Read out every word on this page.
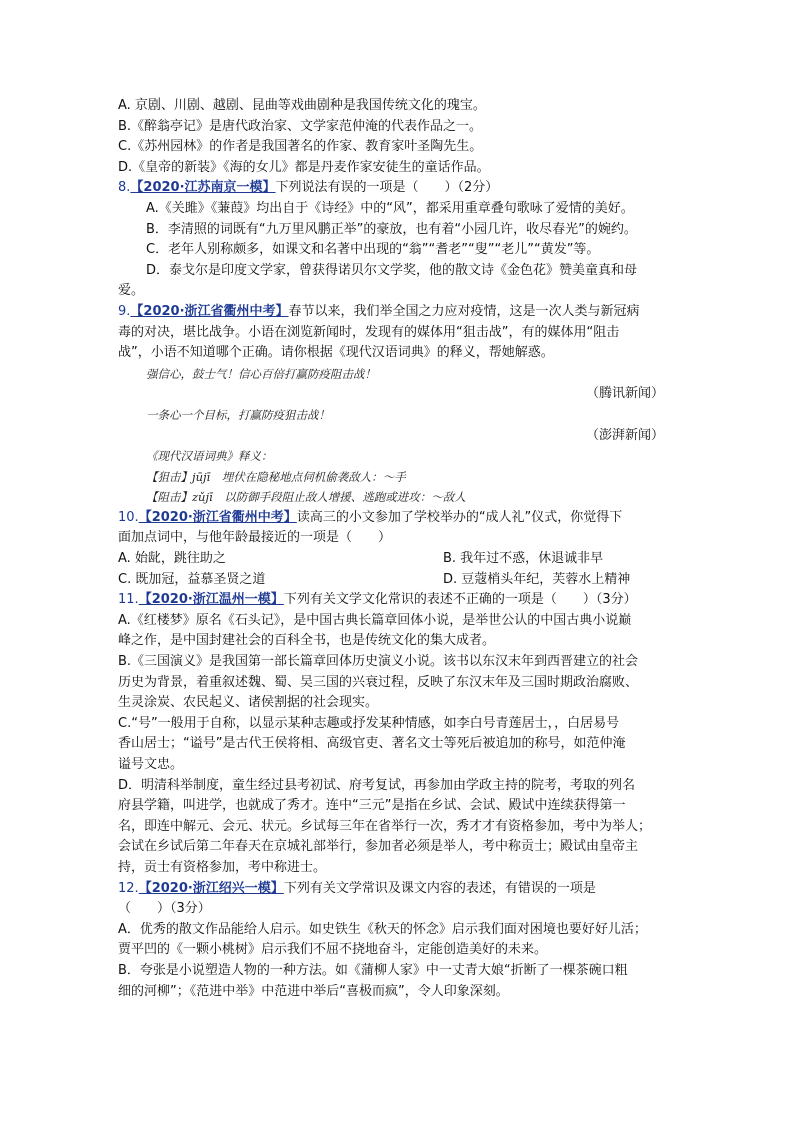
A. 京剧、川剧、越剧、昆曲等戏曲剧种是我国传统文化的瑰宝。
B.《醉翁亭记》是唐代政治家、文学家范仲淹的代表作品之一。
C.《苏州园林》的作者是我国著名的作家、教育家叶圣陶先生。
D.《皇帝的新装》《海的女儿》都是丹麦作家安徒生的童话作品。
8.【2020·江苏南京一模】下列说法有误的一项是（　　）（2分）
A.《关雎》《蒹葭》均出自于《诗经》中的“风”，都采用重章叠句歌咏了爱情的美好。
B．李清照的词既有“九万里风鹏正举”的豪放，也有着“小园几许，收尽春光”的婉约。
C．老年人别称颇多，如课文和名著中出现的“翁”“耆老”“叟”“老儿”“黄发”等。
D．泰戈尔是印度文学家，曾获得诺贝尔文学奖，他的散文诗《金色花》赞美童真和母
爱。
9.【2020·浙江省衢州中考】春节以来，我们举全国之力应对疫情，这是一次人类与新冠病
毒的对决，堪比战争。小语在浏览新闻时，发现有的媒体用“狙击战”，有的媒体用“阻击
战”，小语不知道哪个正确。请你根据《现代汉语词典》的释义，帮她解惑。
强信心，鼓士气！信心百倍打赢防疫阻击战！
（腾讯新闻）
一条心一个目标，打赢防疫狙击战！
（澎湃新闻）
《现代汉语词典》释义：
【狙击】jūjī　埋伏在隐秘地点伺机偷袭敌人：～手
【阻击】zǔjī　以防御手段阻止敌人增援、逃跑或进攻：～敌人
10.【2020·浙江省衢州中考】读高三的小文参加了学校举办的“成人礼”仪式，你觉得下
面加点词中，与他年龄最接近的一项是（　　）
A. 始龀，跳往助之	B. 我年过不惑，休退诚非早
C. 既加冠，益慕圣贤之道	D. 豆蔻梢头年纪，芙蓉水上精神
11.【2020·浙江温州一模】下列有关文学文化常识的表述不正确的一项是（　　）（3分）
A.《红楼梦》原名《石头记》，是中国古典长篇章回体小说，是举世公认的中国古典小说巅
峰之作，是中国封建社会的百科全书，也是传统文化的集大成者。
B.《三国演义》是我国第一部长篇章回体历史演义小说。该书以东汉末年到西晋建立的社会
历史为背景，着重叙述魏、蜀、吴三国的兴衰过程，反映了东汉末年及三国时期政治腐败、
生灵涂炭、农民起义、诸侯割据的社会现实。
C.“号”一般用于自称，以显示某种志趣或抒发某种情感，如李白号青莲居士，，白居易号
香山居士；“谥号”是古代王侯将相、高级官吏、著名文士等死后被追加的称号，如范仲淹
谥号文忠。
D．明清科举制度，童生经过县考初试、府考复试，再参加由学政主持的院考，考取的列名
府县学籍，叫进学，也就成了秀才。连中“三元”是指在乡试、会试、殿试中连续获得第一
名，即连中解元、会元、状元。乡试每三年在省举行一次，秀才才有资格参加，考中为举人；
会试在乡试后第二年春天在京城礼部举行，参加者必须是举人，考中称贡士；殿试由皇帝主
持，贡士有资格参加，考中称进士。
12.【2020·浙江绍兴一模】下列有关文学常识及课文内容的表述，有错误的一项是
（　　）（3分）
A．优秀的散文作品能给人启示。如史铁生《秋天的怀念》启示我们面对困境也要好好儿活；
贾平凹的《一颗小桃树》启示我们不屈不挠地奋斗，定能创造美好的未来。
B．夸张是小说塑造人物的一种方法。如《蒲柳人家》中一丈青大娘“折断了一棵茶碗口粗
细的河柳”；《范进中举》中范进中举后“喜极而疯”，令人印象深刻。
